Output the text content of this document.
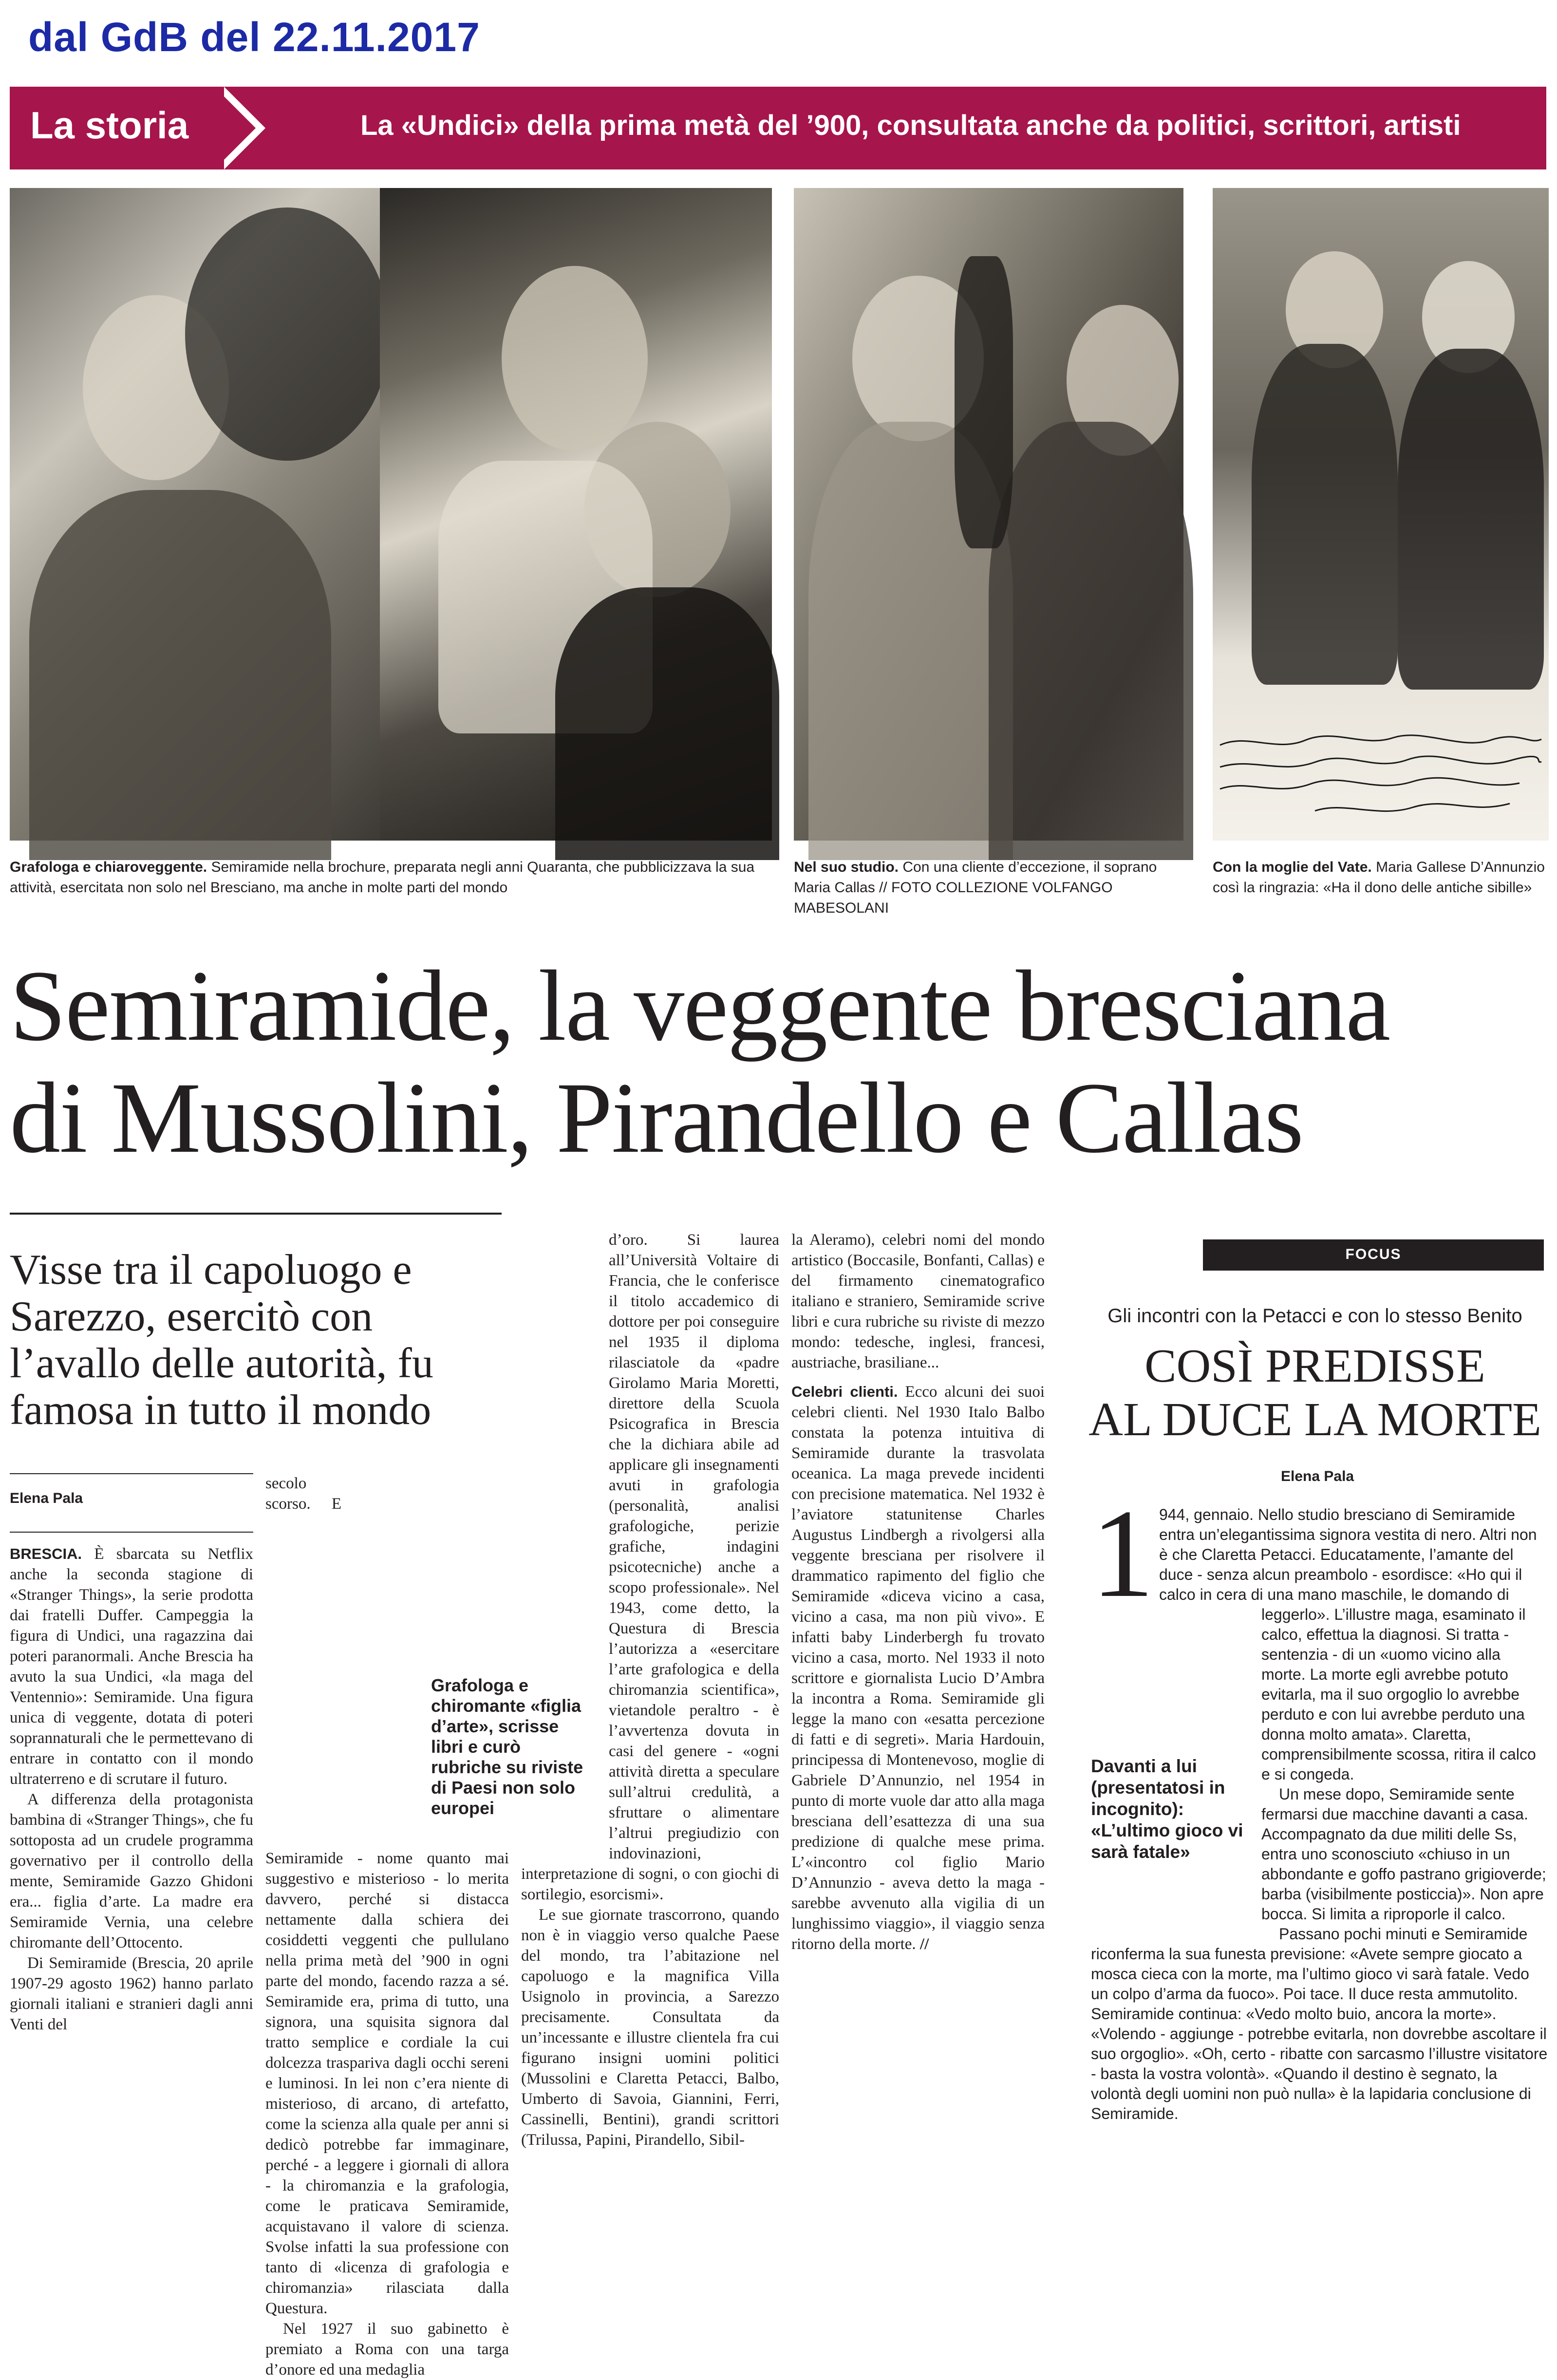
dal GdB del 22.11.2017
La storia	La «Undici» della prima metà del ’900, consultata anche da politici, scrittori, artisti
Grafologa e chiaroveggente. Semiramide nella brochure, preparata negli anni Quaranta, che pubblicizzava la sua attività, esercitata non solo nel Bresciano, ma anche in molte parti del mondo
Nel suo studio. Con una cliente d’eccezione, il soprano Maria Callas // FOTO COLLEZIONE VOLFANGO MABESOLANI
Con la moglie del Vate. Maria Gallese D’Annunzio così la ringrazia: «Ha il dono delle antiche sibille»
Semiramide, la veggente bresciana
di Mussolini, Pirandello e Callas
Visse tra il capoluogo e Sarezzo, esercitò con l’avallo delle autorità, fu famosa in tutto il mondo
Elena Pala

BRESCIA. È sbarcata su Netflix anche la seconda stagione di «Stranger Things», la serie prodotta dai fratelli Duffer. Campeggia la figura di Undici, una ragazzina dai poteri paranormali. Anche Brescia ha avuto la sua Undici, «la maga del Ventennio»: Semiramide. Una figura unica di veggente, dotata di poteri soprannaturali che le permettevano di entrare in contatto con il mondo ultraterreno e di scrutare il futuro.

A differenza della protagonista bambina di «Stranger Things», che fu sottoposta ad un crudele programma governativo per il controllo della mente, Semiramide Gazzo Ghidoni era... figlia d’arte. La madre era Semiramide Vernia, una celebre chiromante dell’Ottocento.

Di Semiramide (Brescia, 20 aprile 1907-29 agosto 1962) hanno parlato giornali italiani e stranieri dagli anni Venti del

secolo scorso. E Semiramide - nome quanto mai suggestivo e misterioso - lo merita davvero, perché si distacca nettamente dalla schiera dei cosiddetti veggenti che pullulano nella prima metà del ’900 in ogni parte del mondo, facendo razza a sé. Semiramide era, prima di tutto, una signora, una squisita signora dal tratto semplice e cordiale la cui dolcezza traspariva dagli occhi sereni e luminosi. In lei non c’era niente di misterioso, di arcano, di artefatto, come la scienza alla quale per anni si dedicò potrebbe far immaginare, perché - a leggere i giornali di allora - la chiromanzia e la grafologia, come le praticava Semiramide, acquistavano il valore di scienza. Svolse infatti la sua professione con tanto di «licenza di grafologia e chiromanzia» rilasciata dalla Questura.

Nel 1927 il suo gabinetto è premiato a Roma con una targa d’onore ed una medaglia

d’oro. Si laurea all’Università Voltaire di Francia, che le conferisce il titolo accademico di dottore per poi conseguire nel 1935 il diploma rilasciatole da «padre Girolamo Maria Moretti, direttore della Scuola Psicografica in Brescia che la dichiara abile ad applicare gli insegnamenti avuti in grafologia (personalità, analisi grafologiche, perizie grafiche, indagini psicotecniche) anche a scopo professionale». Nel 1943, come detto, la Questura di Brescia l’autorizza a «esercitare l’arte grafologica e della chiromanzia scientifica», vietandole peraltro - è l’avvertenza dovuta in casi del genere - «ogni attività diretta a speculare sull’altrui credulità, a sfruttare o alimentare l’altrui pregiudizio con indovinazioni, interpretazione di sogni, o con giochi di sortilegio, esorcismi».

Le sue giornate trascorrono, quando non è in viaggio verso qualche Paese del mondo, tra l’abitazione nel capoluogo e la magnifica Villa Usignolo in provincia, a Sarezzo precisamente. Consultata da un’incessante e illustre clientela fra cui figurano insigni uomini politici (Mussolini e Claretta Petacci, Balbo, Umberto di Savoia, Giannini, Ferri, Cassinelli, Bentini), grandi scrittori (Trilussa, Papini, Pirandello, Sibil-

Grafologa e chiromante «figlia d’arte», scrisse libri e curò rubriche su riviste di Paesi non solo europei

la Aleramo), celebri nomi del mondo artistico (Boccasile, Bonfanti, Callas) e del firmamento cinematografico italiano e straniero, Semiramide scrive libri e cura rubriche su riviste di mezzo mondo: tedesche, inglesi, francesi, austriache, brasiliane...

Celebri clienti. Ecco alcuni dei suoi celebri clienti. Nel 1930 Italo Balbo constata la potenza intuitiva di Semiramide durante la trasvolata oceanica. La maga prevede incidenti con precisione matematica. Nel 1932 è l’aviatore statunitense Charles Augustus Lindbergh a rivolgersi alla veggente bresciana per risolvere il drammatico rapimento del figlio che Semiramide «diceva vicino a casa, vicino a casa, ma non più vivo». E infatti baby Linderbergh fu trovato vicino a casa, morto. Nel 1933 il noto scrittore e giornalista Lucio D’Ambra la incontra a Roma. Semiramide gli legge la mano con «esatta percezione di fatti e di segreti». Maria Hardouin, principessa di Montenevoso, moglie di Gabriele D’Annunzio, nel 1954 in punto di morte vuole dar atto alla maga bresciana dell’esattezza di una sua predizione di qualche mese prima. L’«incontro col figlio Mario D’Annunzio - aveva detto la maga - sarebbe avvenuto alla vigilia di un lunghissimo viaggio», il viaggio senza ritorno della morte. //

FOCUS
Gli incontri con la Petacci e con lo stesso Benito
COSÌ PREDISSE
AL DUCE LA MORTE
Elena Pala
1 944, gennaio. Nello studio bresciano di Semiramide entra un’elegantissima signora vestita di nero. Altri non è che Claretta Petacci. Educatamente, l’amante del duce - senza alcun preambolo - esordisce: «Ho qui il calco in cera di una mano maschile, le domando di leggerlo». L’illustre maga, esaminato il calco, effettua la diagnosi. Si tratta - sentenzia - di un «uomo vicino alla morte. La morte egli avrebbe potuto evitarla, ma il suo orgoglio lo avrebbe perduto e con lui avrebbe perduto una donna molto amata». Claretta, comprensibilmente scossa, ritira il calco e si congeda.

Un mese dopo, Semiramide sente fermarsi due macchine davanti a casa. Accompagnato da due militi delle Ss, entra uno sconosciuto «chiuso in un abbondante e goffo pastrano grigioverde; barba (visibilmente posticcia)». Non apre bocca. Si limita a riproporle il calco.

Passano pochi minuti e Semiramide riconferma la sua funesta previsione: «Avete sempre giocato a mosca cieca con la morte, ma l’ultimo gioco vi sarà fatale. Vedo un colpo d’arma da fuoco». Poi tace. Il duce resta ammutolito. Semiramide continua: «Vedo molto buio, ancora la morte». «Volendo - aggiunge - potrebbe evitarla, non dovrebbe ascoltare il suo orgoglio». «Oh, certo - ribatte con sarcasmo l’illustre visitatore - basta la vostra volontà». «Quando il destino è segnato, la volontà degli uomini non può nulla» è la lapidaria conclusione di Semiramide.

Davanti a lui (presentatosi in incognito): «L’ultimo gioco vi sarà fatale»
